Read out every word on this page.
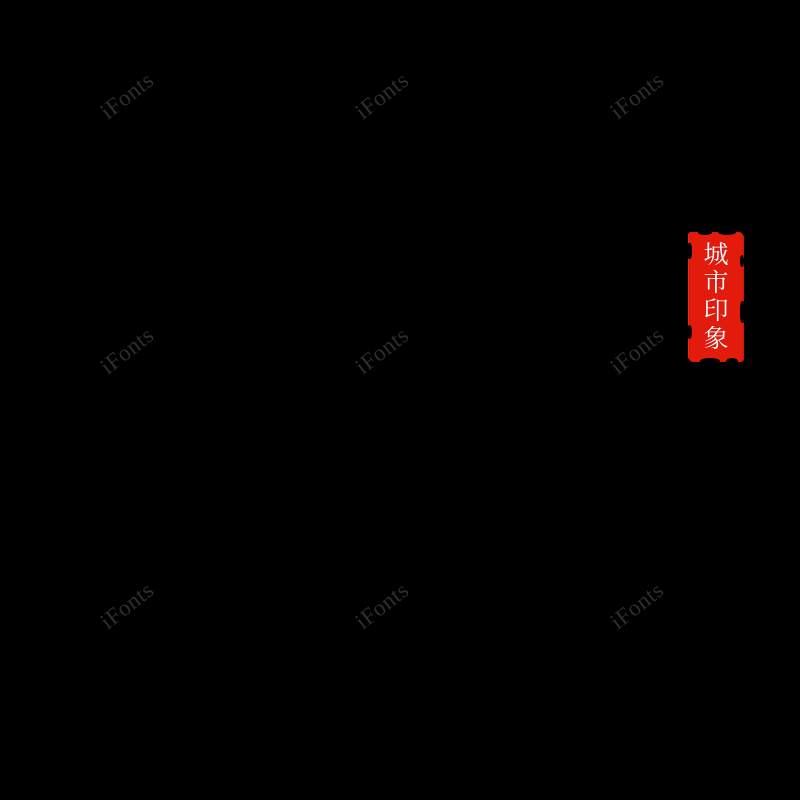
iFonts	iFonts	iFonts
iFonts	iFonts	iFonts
iFonts	iFonts	iFonts
城
市
印
象
